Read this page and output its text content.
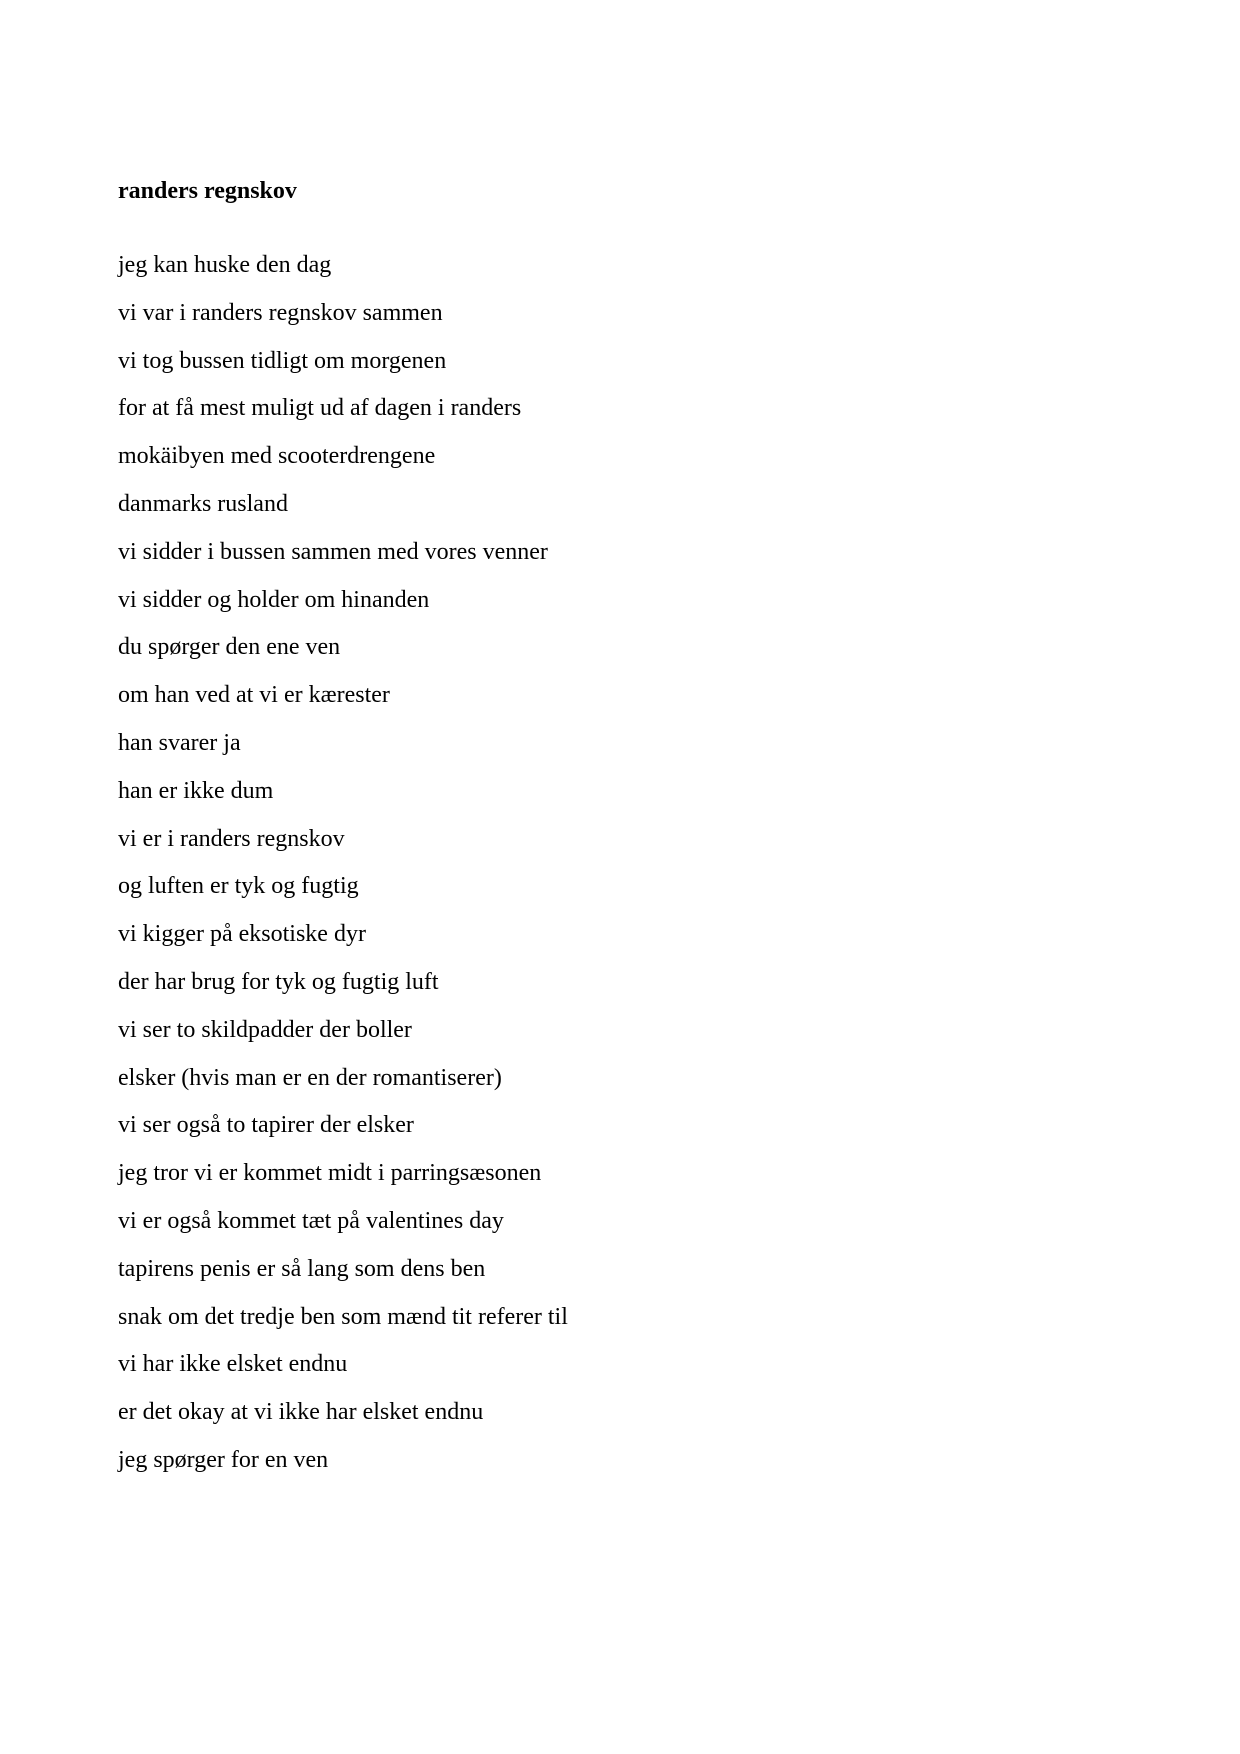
randers regnskov
jeg kan huske den dag
vi var i randers regnskov sammen
vi tog bussen tidligt om morgenen
for at få mest muligt ud af dagen i randers
mokäibyen med scooterdrengene
danmarks rusland
vi sidder i bussen sammen med vores venner
vi sidder og holder om hinanden
du spørger den ene ven
om han ved at vi er kærester
han svarer ja
han er ikke dum
vi er i randers regnskov
og luften er tyk og fugtig
vi kigger på eksotiske dyr
der har brug for tyk og fugtig luft
vi ser to skildpadder der boller
elsker (hvis man er en der romantiserer)
vi ser også to tapirer der elsker
jeg tror vi er kommet midt i parringsæsonen
vi er også kommet tæt på valentines day
tapirens penis er så lang som dens ben
snak om det tredje ben som mænd tit referer til
vi har ikke elsket endnu
er det okay at vi ikke har elsket endnu
jeg spørger for en ven
